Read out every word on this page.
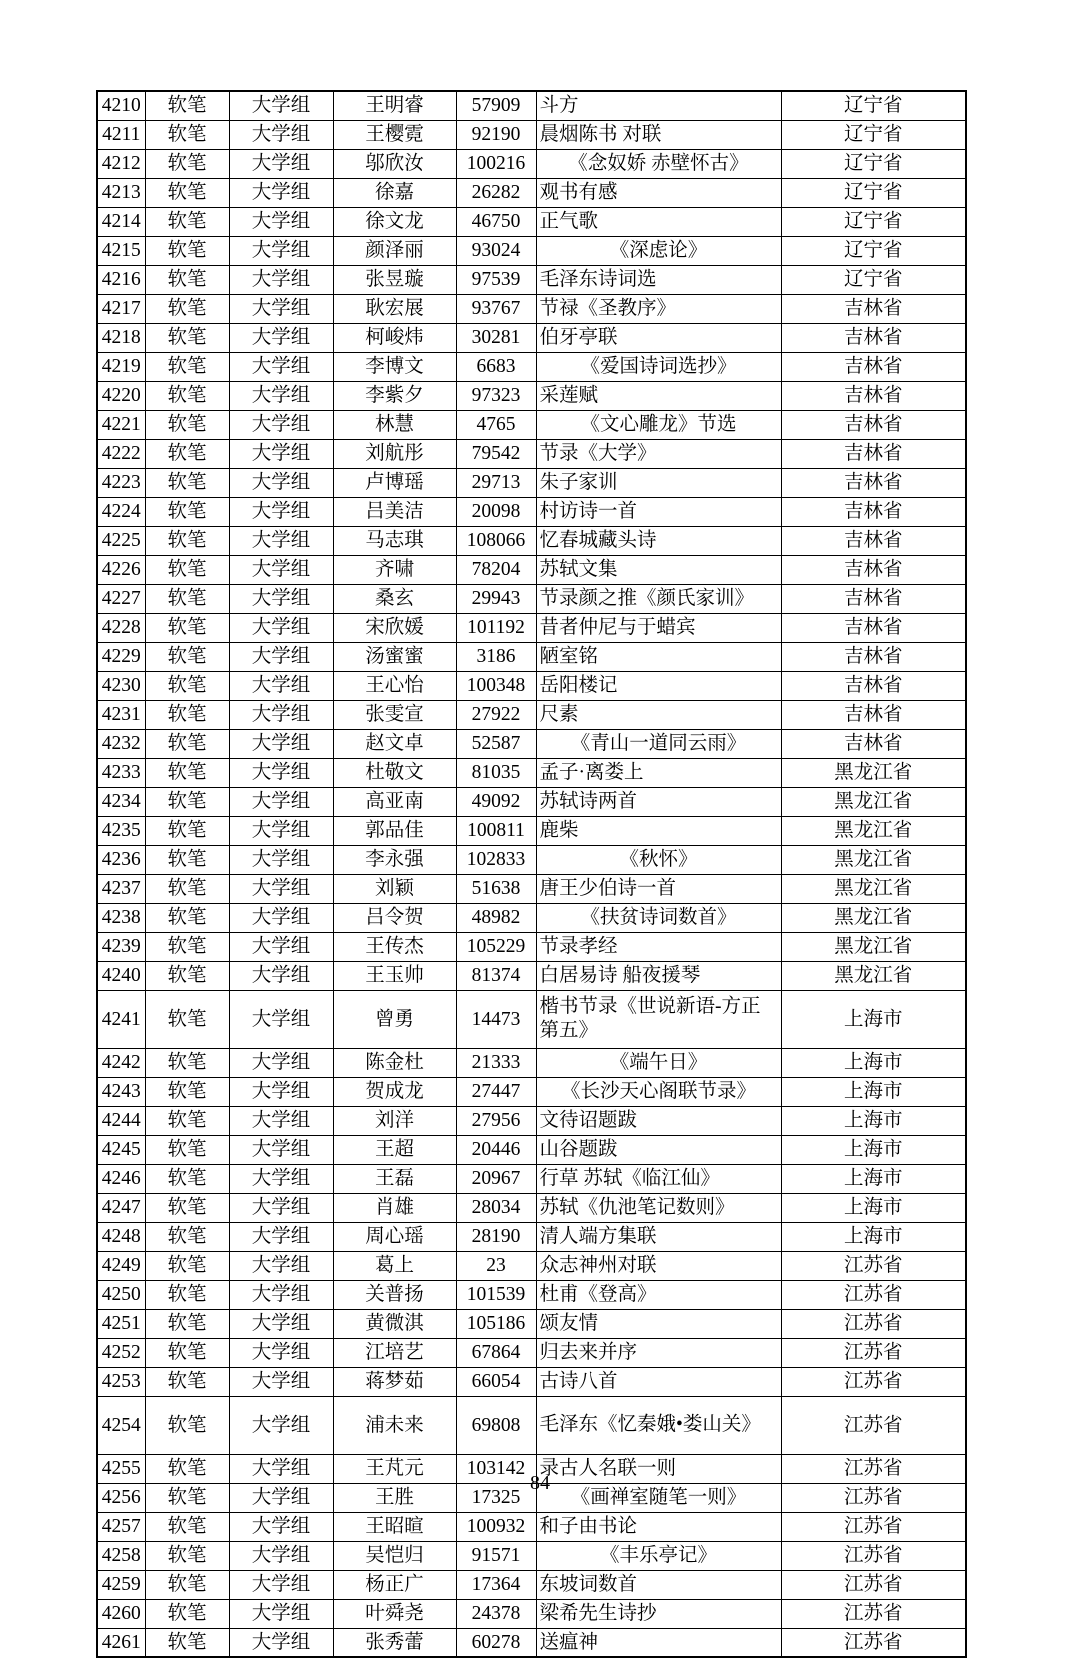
4210	软笔	大学组	王明睿	57909	斗方	辽宁省
4211	软笔	大学组	王樱霓	92190	晨烟陈书 对联	辽宁省
4212	软笔	大学组	邬欣汝	100216	《念奴娇 赤壁怀古》	辽宁省
4213	软笔	大学组	徐嘉	26282	观书有感	辽宁省
4214	软笔	大学组	徐文龙	46750	正气歌	辽宁省
4215	软笔	大学组	颜泽丽	93024	《深虑论》	辽宁省
4216	软笔	大学组	张昱璇	97539	毛泽东诗词选	辽宁省
4217	软笔	大学组	耿宏展	93767	节禄《圣教序》	吉林省
4218	软笔	大学组	柯峻炜	30281	伯牙亭联	吉林省
4219	软笔	大学组	李博文	6683	《爱国诗词选抄》	吉林省
4220	软笔	大学组	李紫夕	97323	采莲赋	吉林省
4221	软笔	大学组	林慧	4765	《文心雕龙》节选	吉林省
4222	软笔	大学组	刘航彤	79542	节录《大学》	吉林省
4223	软笔	大学组	卢博瑶	29713	朱子家训	吉林省
4224	软笔	大学组	吕美洁	20098	村访诗一首	吉林省
4225	软笔	大学组	马志琪	108066	忆春城藏头诗	吉林省
4226	软笔	大学组	齐啸	78204	苏轼文集	吉林省
4227	软笔	大学组	桑玄	29943	节录颜之推《颜氏家训》	吉林省
4228	软笔	大学组	宋欣媛	101192	昔者仲尼与于蜡宾	吉林省
4229	软笔	大学组	汤蜜蜜	3186	陋室铭	吉林省
4230	软笔	大学组	王心怡	100348	岳阳楼记	吉林省
4231	软笔	大学组	张雯宣	27922	尺素	吉林省
4232	软笔	大学组	赵文卓	52587	《青山一道同云雨》	吉林省
4233	软笔	大学组	杜敬文	81035	孟子·离娄上	黑龙江省
4234	软笔	大学组	高亚南	49092	苏轼诗两首	黑龙江省
4235	软笔	大学组	郭品佳	100811	鹿柴	黑龙江省
4236	软笔	大学组	李永强	102833	《秋怀》	黑龙江省
4237	软笔	大学组	刘颖	51638	唐王少伯诗一首	黑龙江省
4238	软笔	大学组	吕令贺	48982	《扶贫诗词数首》	黑龙江省
4239	软笔	大学组	王传杰	105229	节录孝经	黑龙江省
4240	软笔	大学组	王玉帅	81374	白居易诗 船夜援琴	黑龙江省
4241	软笔	大学组	曾勇	14473	楷书节录《世说新语-方正第五》	上海市
4242	软笔	大学组	陈金杜	21333	《端午日》	上海市
4243	软笔	大学组	贺成龙	27447	《长沙天心阁联节录》	上海市
4244	软笔	大学组	刘洋	27956	文待诏题跋	上海市
4245	软笔	大学组	王超	20446	山谷题跋	上海市
4246	软笔	大学组	王磊	20967	行草 苏轼《临江仙》	上海市
4247	软笔	大学组	肖雄	28034	苏轼《仇池笔记数则》	上海市
4248	软笔	大学组	周心瑶	28190	清人端方集联	上海市
4249	软笔	大学组	葛上	23	众志神州对联	江苏省
4250	软笔	大学组	关普扬	101539	杜甫《登高》	江苏省
4251	软笔	大学组	黄微淇	105186	颂友情	江苏省
4252	软笔	大学组	江培艺	67864	归去来并序	江苏省
4253	软笔	大学组	蒋梦茹	66054	古诗八首	江苏省
4254	软笔	大学组	浦未来	69808	毛泽东《忆秦娥•娄山关》	江苏省
4255	软笔	大学组	王芃元	103142	录古人名联一则	江苏省
4256	软笔	大学组	王胜	17325	《画禅室随笔一则》	江苏省
4257	软笔	大学组	王昭暄	100932	和子由书论	江苏省
4258	软笔	大学组	吴恺归	91571	《丰乐亭记》	江苏省
4259	软笔	大学组	杨正广	17364	东坡词数首	江苏省
4260	软笔	大学组	叶舜尧	24378	梁希先生诗抄	江苏省
4261	软笔	大学组	张秀蕾	60278	送瘟神	江苏省
84
